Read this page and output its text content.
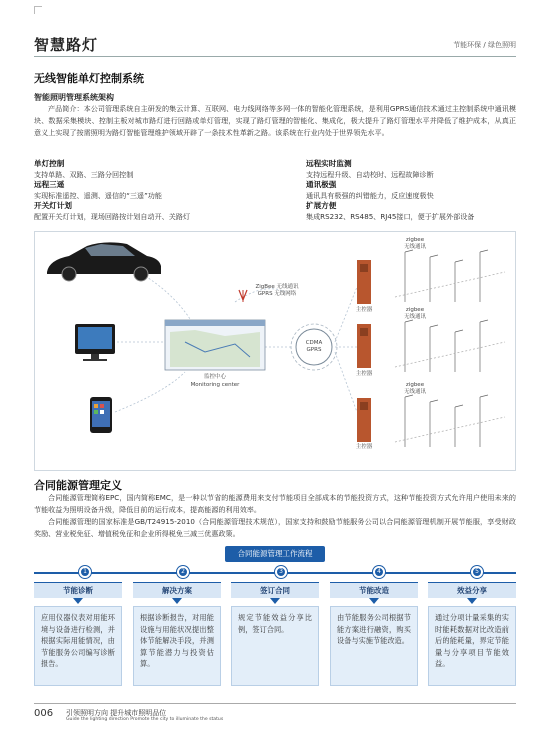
智慧路灯	节能环保 / 绿色照明
无线智能单灯控制系统
智能照明管理系统架构
产品简介：本公司管理系统自主研发的集云计算、互联网、电力线网络等多网一体的智能化管理系统，是利用GPRS通信技术通过主控制系统中通讯模块、数据采集模块、控制主板对城市路灯进行回路或单灯管理，实现了路灯管理的智能化、集成化，极大提升了路灯管理水平并降低了维护成本，从真正意义上实现了按需照明为路灯智能管理维护领域开辟了一条技术性革新之路。该系统在行业内处于世界领先水平。
单灯控制
支持单路、双路、三路分回控制
远程三遥
实现标准遥控、遥测、遥信的“三遥”功能
开关灯计划
配置开关灯计划，现场回路按计划自动开、关路灯
远程实时监测
支持远程升级、自动校时、远程故障诊断
通讯极强
通讯具有极强的纠错能力，反应速度极快
扩展方便
集成RS232、RS485、RJ45接口，便于扩展外部设备
ZigBee 无线通讯
GPRS 无线网络
CDMA
GPRS
监控中心
Monitoring center
主控器
主控器
主控器
zigbee
无线通讯
zigbee
无线通讯
zigbee
无线通讯
合同能源管理定义
合同能源管理简称EPC，国内简称EMC，是一种以节省的能源费用来支付节能项目全部成本的节能投资方式，这种节能投资方式允许用户使用未来的节能收益为照明设备升级，降低目前的运行成本，提高能源的利用效率。
合同能源管理的国家标准是GB/T24915-2010（合同能源管理技术规范），国家支持和鼓励节能服务公司以合同能源管理机制开展节能服，享受财政奖励、营业税免征、增值税免征和企业所得税免三减三优惠政策。
合同能源管理工作流程
1	2	3	4	5
节能诊断	解决方案	签订合同	节能改造	效益分享
应用仪器仪表对用能环境与设备进行检测，并根据实际用能情况，由节能服务公司编写诊断报告。
根据诊断报告，对用能设施与用能状况提出整体节能解决手段，并测算节能潜力与投资估算。
规定节能效益分享比例，签订合同。
由节能服务公司根据节能方案进行融资，购买设备与实施节能改造。
通过分项计量采集的实时能耗数据对比改造前后的能耗量，界定节能量与分享项目节能效益。
006 引领照明方向 提升城市照明品位
Guide the lighting direction Promote the city to illuminate the status
